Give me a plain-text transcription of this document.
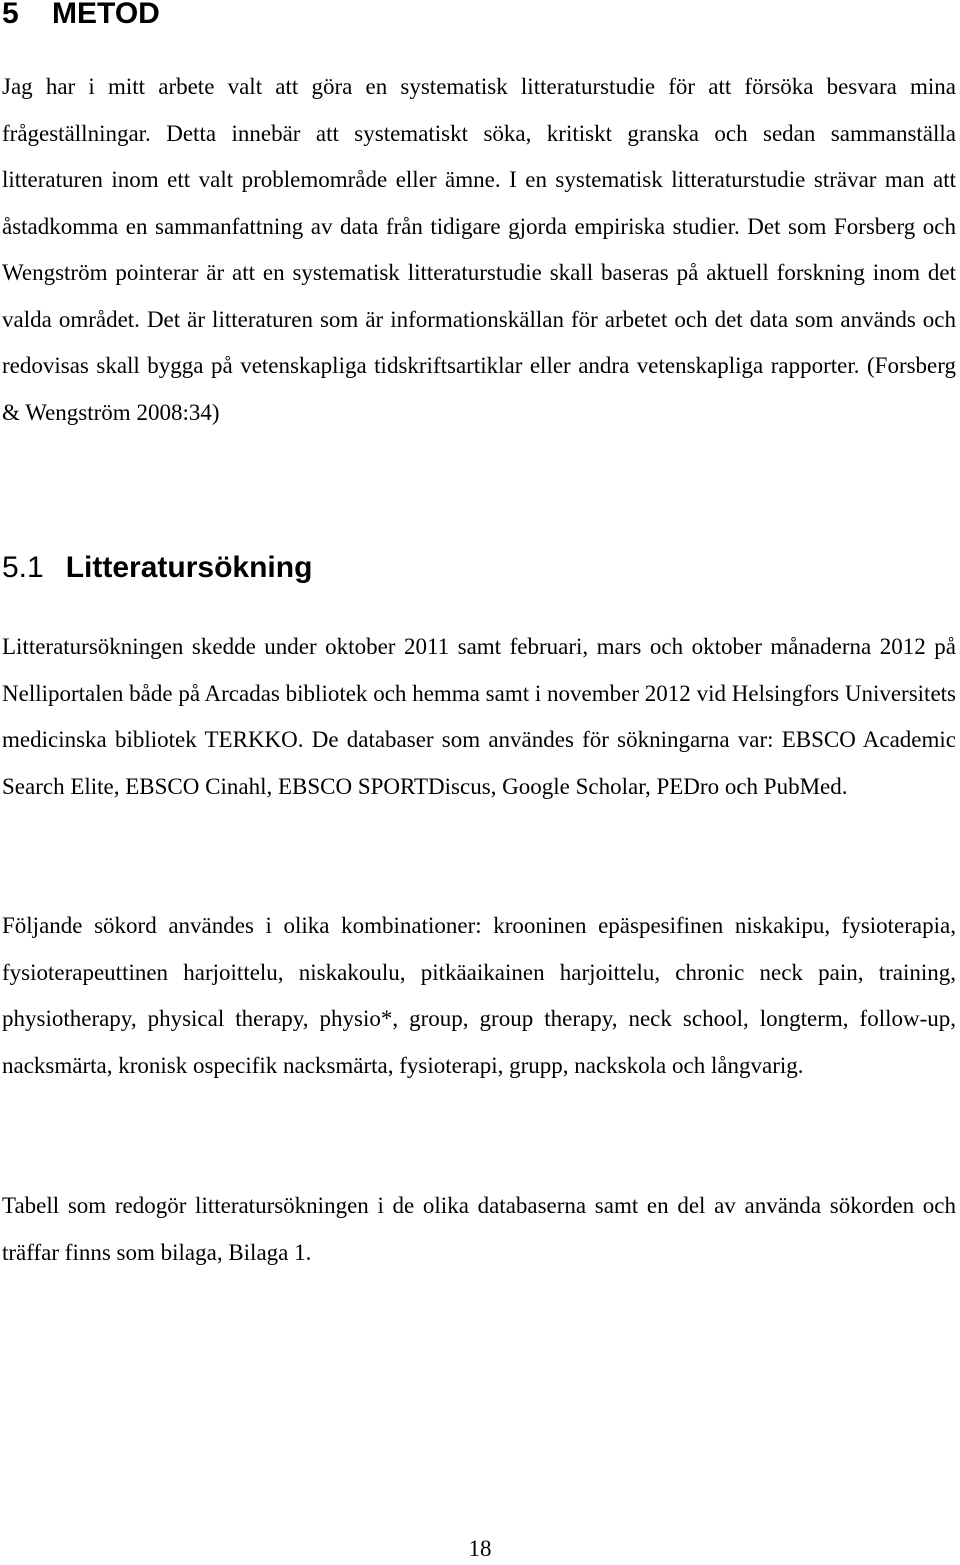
5 METOD

Jag har i mitt arbete valt att göra en systematisk litteraturstudie för att försöka besvara mina frågeställningar. Detta innebär att systematiskt söka, kritiskt granska och sedan sammanställa litteraturen inom ett valt problemområde eller ämne. I en systematisk litteraturstudie strävar man att åstadkomma en sammanfattning av data från tidigare gjorda empiriska studier. Det som Forsberg och Wengström pointerar är att en systematisk litteraturstudie skall baseras på aktuell forskning inom det valda området. Det är litteraturen som är informationskällan för arbetet och det data som används och redovisas skall bygga på vetenskapliga tidskriftsartiklar eller andra vetenskapliga rapporter. (Forsberg & Wengström 2008:34)

5.1 Litteratursökning

Litteratursökningen skedde under oktober 2011 samt februari, mars och oktober månaderna 2012 på Nelliportalen både på Arcadas bibliotek och hemma samt i november 2012 vid Helsingfors Universitets medicinska bibliotek TERKKO. De databaser som användes för sökningarna var: EBSCO Academic Search Elite, EBSCO Cinahl, EBSCO SPORTDiscus, Google Scholar, PEDro och PubMed.

Följande sökord användes i olika kombinationer: krooninen epäspesifinen niskakipu, fysioterapia, fysioterapeuttinen harjoittelu, niskakoulu, pitkäaikainen harjoittelu, chronic neck pain, training, physiotherapy, physical therapy, physio*, group, group therapy, neck school, longterm, follow-up, nacksmärta, kronisk ospecifik nacksmärta, fysioterapi, grupp, nackskola och långvarig.

Tabell som redogör litteratursökningen i de olika databaserna samt en del av använda sökorden och träffar finns som bilaga, Bilaga 1.

18
